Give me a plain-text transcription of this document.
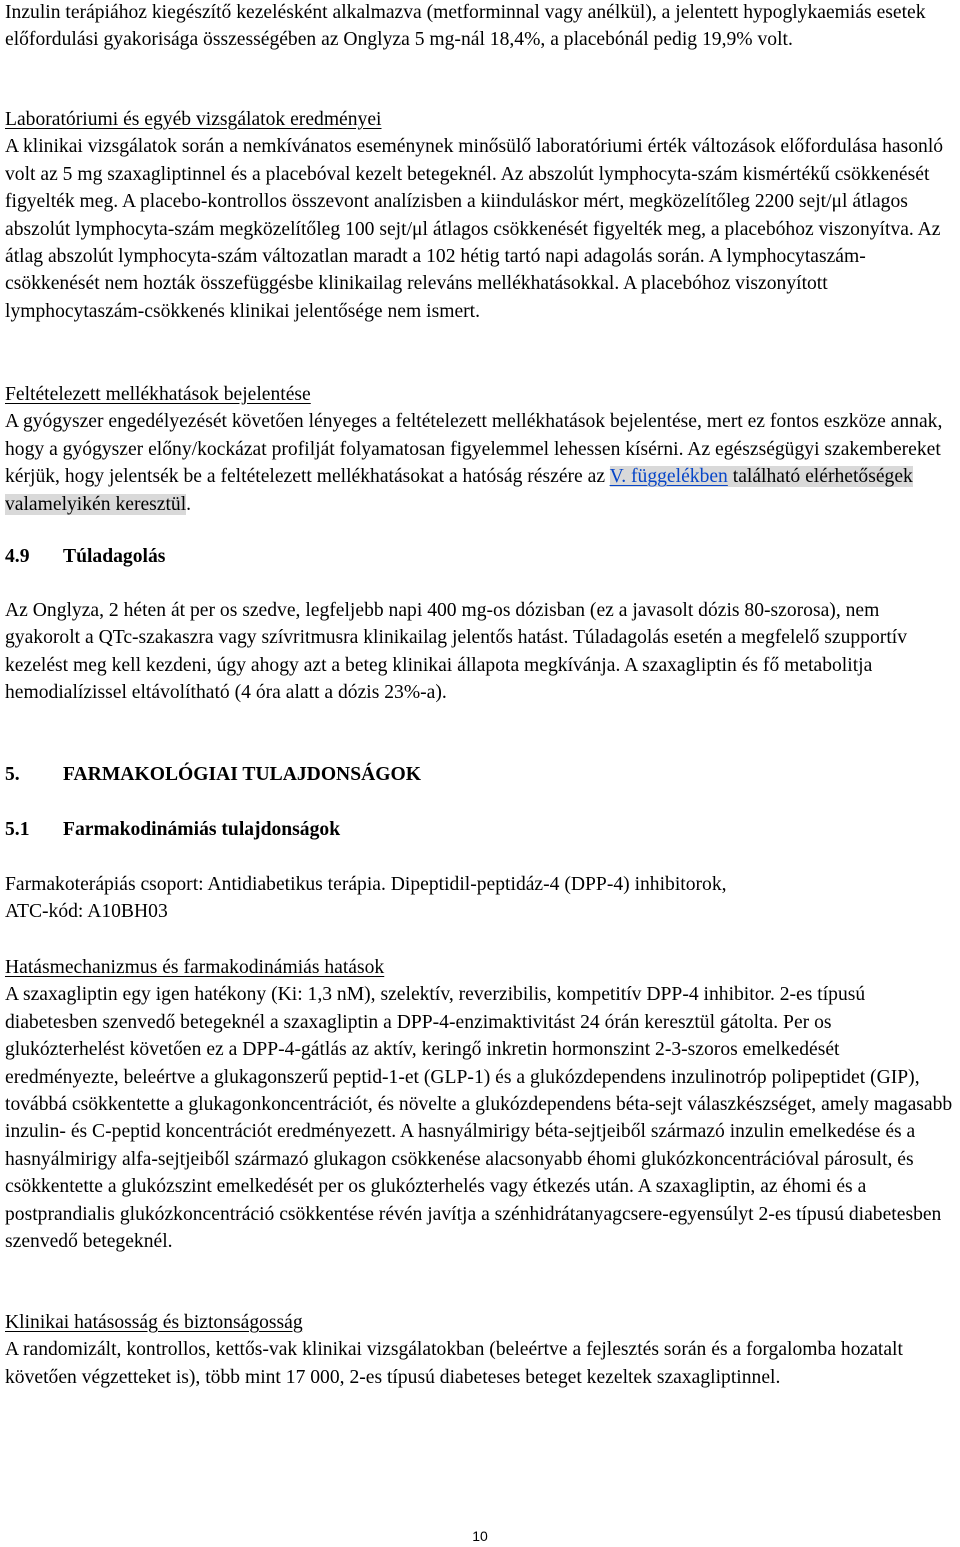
Inzulin terápiához kiegészítő kezelésként alkalmazva (metforminnal vagy anélkül), a jelentett hypoglykaemiás esetek előfordulási gyakorisága összességében az Onglyza 5 mg-nál 18,4%, a placebónál pedig 19,9% volt.

Laboratóriumi és egyéb vizsgálatok eredményei

A klinikai vizsgálatok során a nemkívánatos eseménynek minősülő laboratóriumi érték változások előfordulása hasonló volt az 5 mg szaxagliptinnel és a placebóval kezelt betegeknél. Az abszolút lymphocyta-szám kismértékű csökkenését figyelték meg. A placebo-kontrollos összevont analízisben a kiinduláskor mért, megközelítőleg 2200 sejt/μl átlagos abszolút lymphocyta-szám megközelítőleg 100 sejt/μl átlagos csökkenését figyelték meg, a placebóhoz viszonyítva. Az átlag abszolút lymphocyta-szám változatlan maradt a 102 hétig tartó napi adagolás során. A lymphocytaszám-csökkenését nem hozták összefüggésbe klinikailag releváns mellékhatásokkal. A placebóhoz viszonyított lymphocytaszám-csökkenés klinikai jelentősége nem ismert.

Feltételezett mellékhatások bejelentése

A gyógyszer engedélyezését követően lényeges a feltételezett mellékhatások bejelentése, mert ez fontos eszköze annak, hogy a gyógyszer előny/kockázat profilját folyamatosan figyelemmel lehessen kísérni. Az egészségügyi szakembereket kérjük, hogy jelentsék be a feltételezett mellékhatásokat a hatóság részére az V. függelékben található elérhetőségek valamelyikén keresztül.

4.9	Túladagolás

Az Onglyza, 2 héten át per os szedve, legfeljebb napi 400 mg-os dózisban (ez a javasolt dózis 80-szorosa), nem gyakorolt a QTc-szakaszra vagy szívritmusra klinikailag jelentős hatást. Túladagolás esetén a megfelelő szupportív kezelést meg kell kezdeni, úgy ahogy azt a beteg klinikai állapota megkívánja. A szaxagliptin és fő metabolitja hemodialízissel eltávolítható (4 óra alatt a dózis 23%-a).

5.	FARMAKOLÓGIAI TULAJDONSÁGOK
5.1	Farmakodinámiás tulajdonságok

Farmakoterápiás csoport: Antidiabetikus terápia. Dipeptidil-peptidáz-4 (DPP-4) inhibitorok,

ATC-kód: A10BH03

Hatásmechanizmus és farmakodinámiás hatások

A szaxagliptin egy igen hatékony (Ki: 1,3 nM), szelektív, reverzibilis, kompetitív DPP-4 inhibitor. 2-es típusú diabetesben szenvedő betegeknél a szaxagliptin a DPP-4-enzimaktivitást 24 órán keresztül gátolta. Per os glukózterhelést követően ez a DPP-4-gátlás az aktív, keringő inkretin hormonszint 2-3-szoros emelkedését eredményezte, beleértve a glukagonszerű peptid-1-et (GLP-1) és a glukózdependens inzulinotróp polipeptidet (GIP), továbbá csökkentette a glukagonkoncentrációt, és növelte a glukózdependens béta-sejt válaszkészséget, amely magasabb inzulin- és C-peptid koncentrációt eredményezett. A hasnyálmirigy béta-sejtjeiből származó inzulin emelkedése és a hasnyálmirigy alfa-sejtjeiből származó glukagon csökkenése alacsonyabb éhomi glukózkoncentrációval párosult, és csökkentette a glukózszint emelkedését per os glukózterhelés vagy étkezés után. A szaxagliptin, az éhomi és a postprandialis glukózkoncentráció csökkentése révén javítja a szénhidrátanyagcsere-egyensúlyt 2-es típusú diabetesben szenvedő betegeknél.

Klinikai hatásosság és biztonságosság

A randomizált, kontrollos, kettős-vak klinikai vizsgálatokban (beleértve a fejlesztés során és a forgalomba hozatalt követően végzetteket is), több mint 17 000, 2-es típusú diabeteses beteget kezeltek szaxagliptinnel.

10
